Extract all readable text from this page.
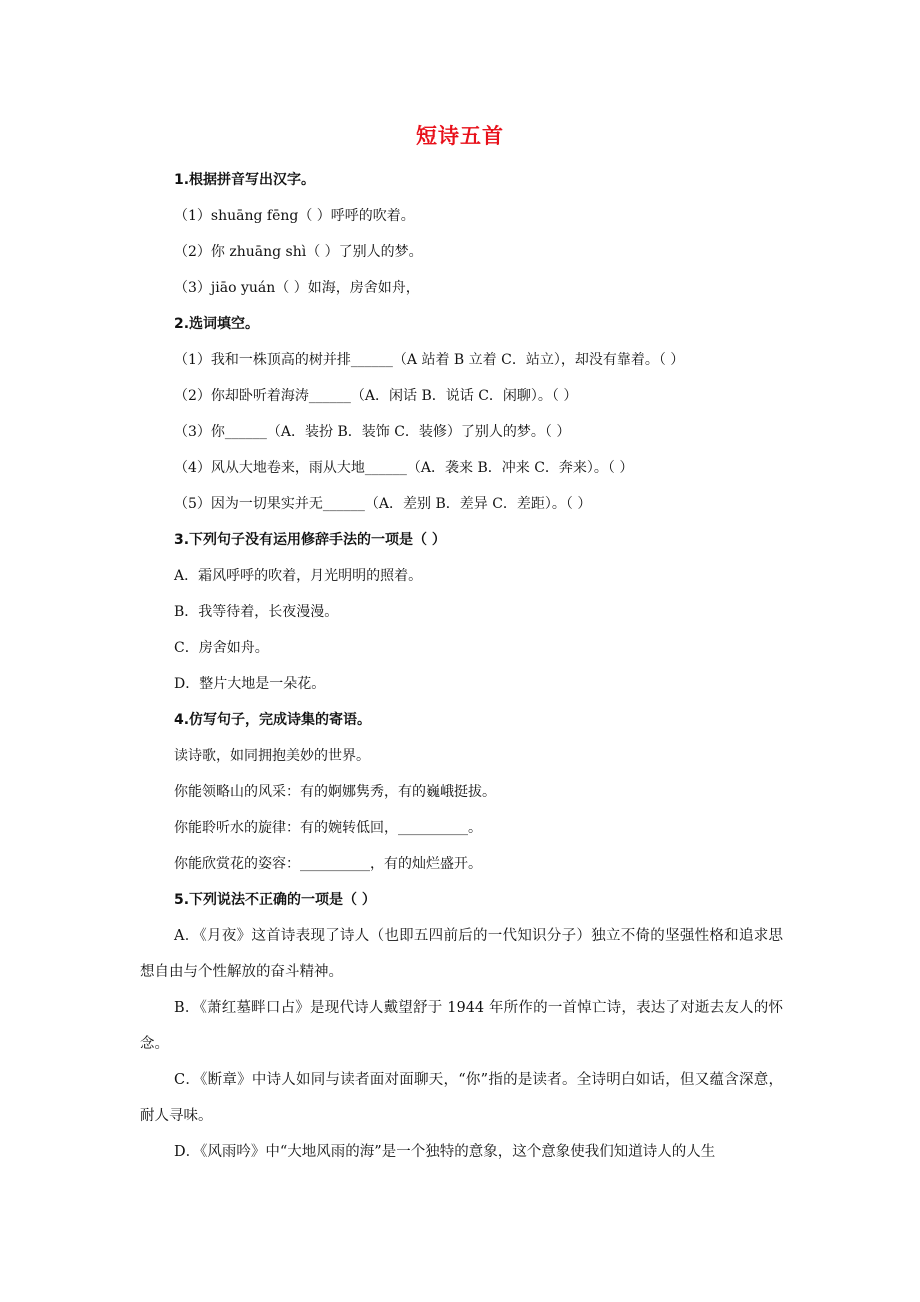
短诗五首
1.根据拼音写出汉字。
（1）shuāng fēng（ ）呼呼的吹着。
（2）你 zhuāng shì（ ）了别人的梦。
（3）jiāo yuán（ ）如海，房舍如舟，
2.选词填空。
（1）我和一株顶高的树并排______（A 站着 B 立着 C．站立），却没有靠着。（ ）
（2）你却卧听着海涛______（A．闲话 B．说话 C．闲聊）。（ ）
（3）你______（A．装扮 B．装饰 C．装修）了别人的梦。（ ）
（4）风从大地卷来，雨从大地______（A．袭来 B．冲来 C．奔来）。（ ）
（5）因为一切果实并无______（A．差别 B．差异 C．差距）。（ ）
3.下列句子没有运用修辞手法的一项是（ ）
A．霜风呼呼的吹着，月光明明的照着。
B．我等待着，长夜漫漫。
C．房舍如舟。
D．整片大地是一朵花。
4.仿写句子，完成诗集的寄语。
读诗歌，如同拥抱美妙的世界。
你能领略山的风采：有的婀娜隽秀，有的巍峨挺拔。
你能聆听水的旋律：有的婉转低回，__________。
你能欣赏花的姿容：__________，有的灿烂盛开。
5.下列说法不正确的一项是（ ）
A．《月夜》这首诗表现了诗人（也即五四前后的一代知识分子）独立不倚的坚强性格和追求思想自由与个性解放的奋斗精神。
B．《萧红墓畔口占》是现代诗人戴望舒于 1944 年所作的一首悼亡诗，表达了对逝去友人的怀念。
C．《断章》中诗人如同与读者面对面聊天，“你”指的是读者。全诗明白如话，但又蕴含深意，耐人寻味。
D．《风雨吟》中“大地风雨的海”是一个独特的意象，这个意象使我们知道诗人的人生
